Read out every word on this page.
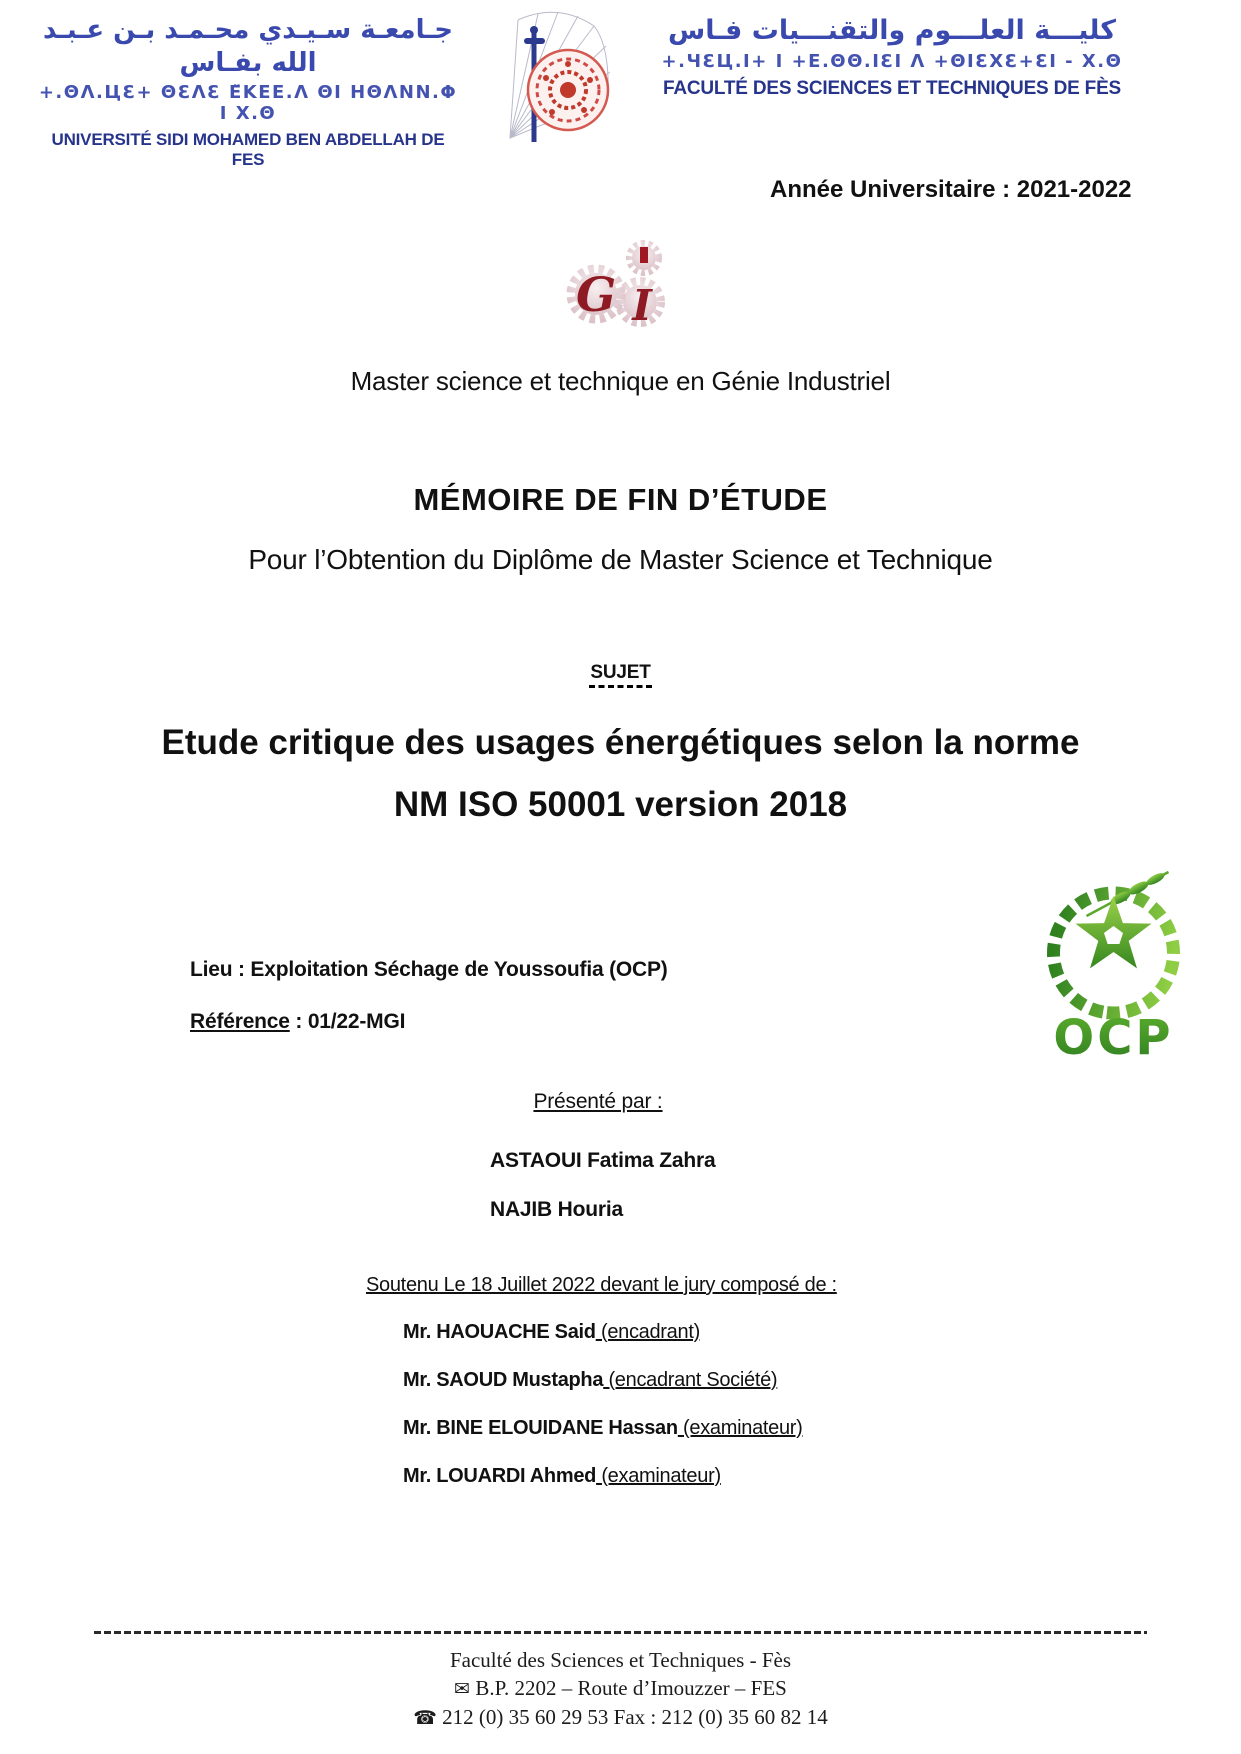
جـامعـة سـيـدي محـمـد بـن عـبـد الله بفـاس
+.ΘΛ.ЦƐ+ ΘƐΛƐ Ε̈ΚΕΕ.Λ ΘΙ ΗΘΛΝΝ.Φ Ι Χ.Θ
UNIVERSITÉ SIDI MOHAMED BEN ABDELLAH DE FES
كليـــة العلـــوم والتقنـــيات فـاس
+.ЧƐЦ.Ι+ Ι +Ε.ΘΘ.ΙƐΙ Λ +ΘΙƐΧƐ+ƐΙ - Χ.Θ
FACULTÉ DES SCIENCES ET TECHNIQUES DE FÈS
Année Universitaire : 2021-2022
G I
Master science et technique en Génie Industriel
MÉMOIRE DE FIN D’ÉTUDE
Pour l’Obtention du Diplôme de Master Science et Technique
SUJET
Etude critique des usages énergétiques selon la norme
NM ISO 50001 version 2018
OCP
Lieu : Exploitation Séchage de Youssoufia (OCP)
Référence : 01/22-MGI
Présenté par :
ASTAOUI Fatima Zahra
NAJIB Houria
Soutenu Le 18 Juillet 2022 devant le jury composé de :
Mr. HAOUACHE Said (encadrant)
Mr. SAOUD Mustapha (encadrant Société)
Mr. BINE ELOUIDANE Hassan (examinateur)
Mr. LOUARDI Ahmed (examinateur)
Faculté des Sciences et Techniques - Fès
✉ B.P. 2202 – Route d’Imouzzer – FES
☎ 212 (0) 35 60 29 53 Fax : 212 (0) 35 60 82 14
